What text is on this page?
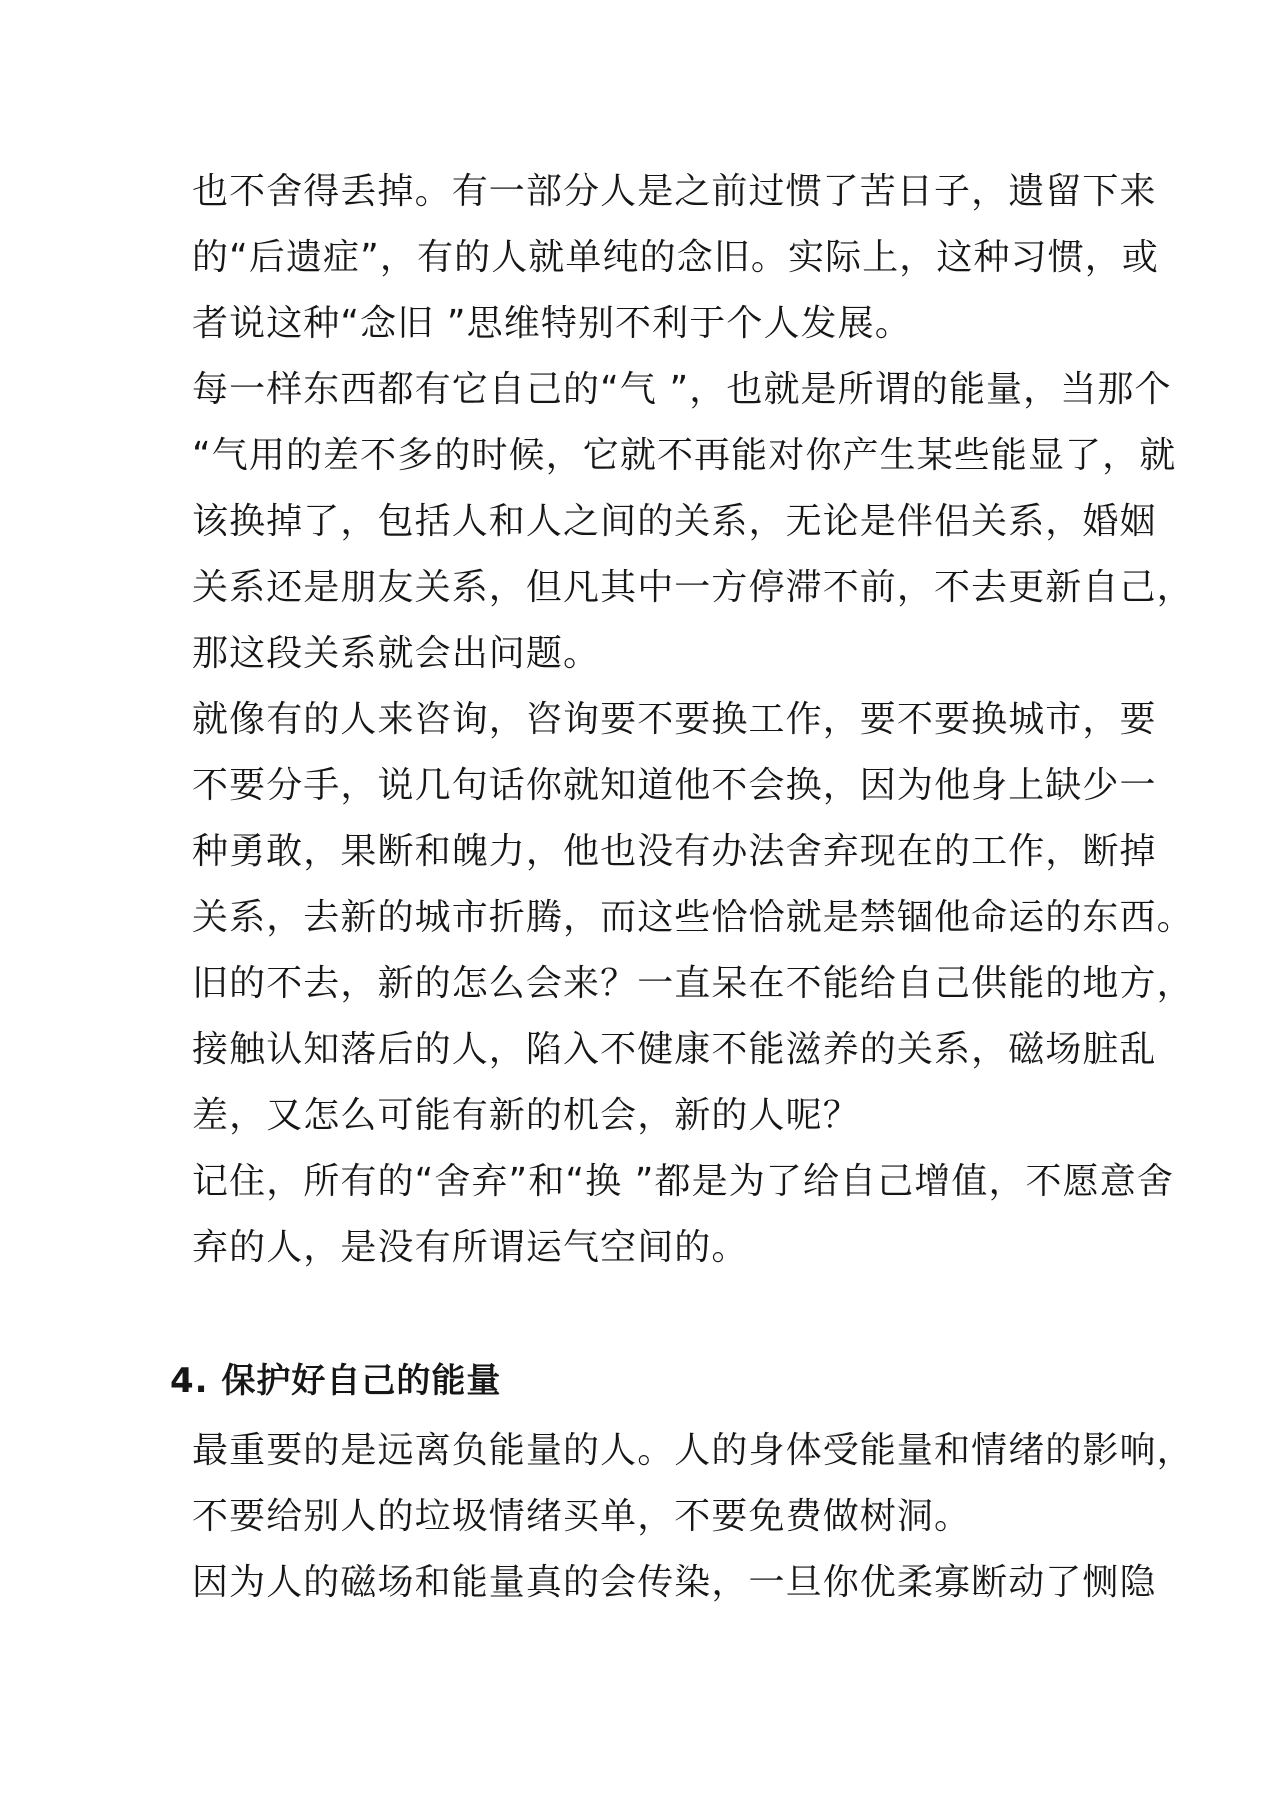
也不舍得丢掉。有一部分人是之前过惯了苦日子，遗留下来

的“后遗症”，有的人就单纯的念旧。实际上，这种习惯，或

者说这种“念旧 ”思维特别不利于个人发展。

每一样东西都有它自己的“气 ”，也就是所谓的能量，当那个

“气用的差不多的时候，它就不再能对你产生某些能显了，就

该换掉了，包括人和人之间的关系，无论是伴侣关系，婚姻

关系还是朋友关系，但凡其中一方停滞不前，不去更新自己，

那这段关系就会出问题。

就像有的人来咨询，咨询要不要换工作，要不要换城市，要

不要分手，说几句话你就知道他不会换，因为他身上缺少一

种勇敢，果断和魄力，他也没有办法舍弃现在的工作，断掉

关系，去新的城市折腾，而这些恰恰就是禁锢他命运的东西。

旧的不去，新的怎么会来？一直呆在不能给自己供能的地方，

接触认知落后的人，陷入不健康不能滋养的关系，磁场脏乱

差，又怎么可能有新的机会，新的人呢？

记住，所有的“舍弃”和“换 ”都是为了给自己增值，不愿意舍

弃的人，是没有所谓运气空间的。

4. 保护好自己的能量

最重要的是远离负能量的人。人的身体受能量和情绪的影响，

不要给别人的垃圾情绪买单，不要免费做树洞。

因为人的磁场和能量真的会传染，一旦你优柔寡断动了恻隐
